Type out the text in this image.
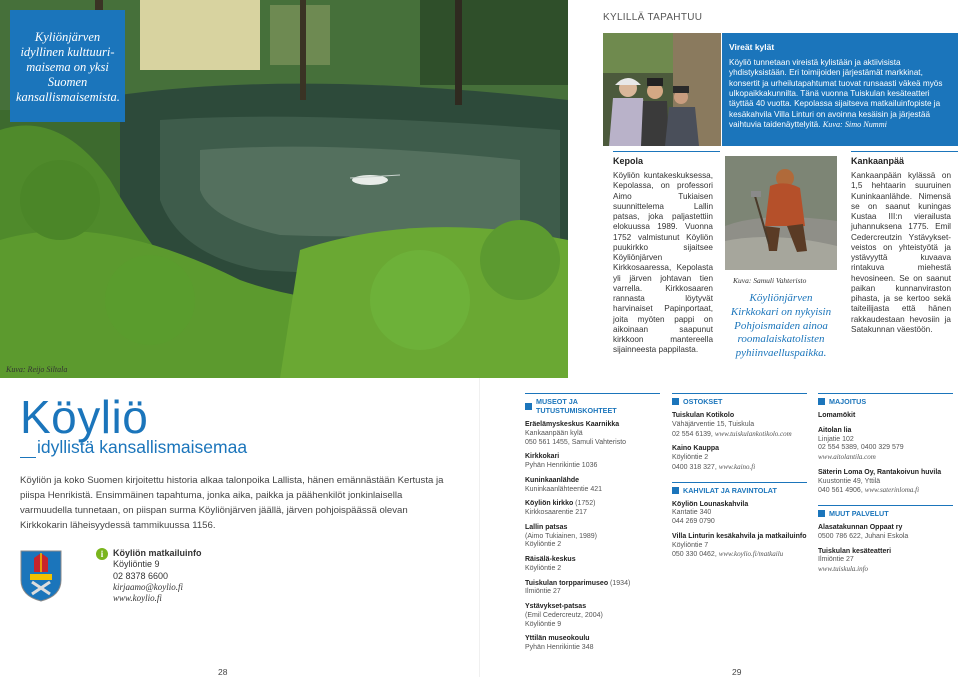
Kyliönjärven idyllinen kulttuuri-maisema on yksi Suomen kansallismaisemista.
Kuva: Reijo Siltala
Köyliö
idyllistä kansallismaisemaa
Köyliön ja koko Suomen kirjoitettu historia alkaa talonpoika Lallista, hänen emännästään Kertusta ja piispa Henrikistä. Ensimmäinen tapahtuma, jonka aika, paikka ja päähenkilöt jonkinlaisella varmuudella tunnetaan, on piispan surma Köyliönjärven jäällä, järven pohjoispäässä olevan Kirkkokarin läheisyydessä tammikuussa 1156.
i	Köyliön matkailuinfo
Köyliöntie 9
02 8378 6600
kirjaamo@koylio.fi
www.koylio.fi
28
KYLILLÄ TAPAHTUU
Vireät kylät
Köyliö tunnetaan vireistä kylistään ja aktiivisista yhdistyksistään. Eri toimijoiden järjestämät markkinat, konsertit ja urheilutapahtumat tuovat runsaasti väkeä myös ulkopaikkakunnilta. Tänä vuonna Tuiskulan kesäteatteri täyttää 40 vuotta. Kepolassa sijaitseva matkailuinfopiste ja kesäkahvila Villa Linturi on avoinna kesäisin ja järjestää vaihtuvia taidenäyttelyitä. Kuva: Simo Nummi
Kepola
Köyliön kuntakeskuksessa, Kepolassa, on professori Aimo Tukiaisen suunnittelema Lallin patsas, joka paljastettiin elokuussa 1989. Vuonna 1752 valmistunut Köyliön puukirkko sijaitsee Köyliönjärven Kirkkosaaressa, Kepolasta yli järven johtavan tien varrella. Kirkkosaaren rannasta löytyvät harvinaiset Papinportaat, joita myöten pappi on aikoinaan saapunut kirkkoon mantereella sijainneesta pappilasta.
Kuva: Samuli Vahteristo
Köyliönjärven Kirkkokari on nykyisin Pohjoismaiden ainoa roomalaiskatolisten pyhiinvaelluspaikka.
Kankaanpää
Kankaanpään kylässä on 1,5 hehtaarin suuruinen Kuninkaanlähde. Nimensä se on saanut kuningas Kustaa III:n vierailusta juhannuksena 1775. Emil Cedercreutzin Ystävykset-veistos on yhteistyötä ja ystävyyttä kuvaava rintakuva miehestä hevosineen. Se on saanut paikan kunnanviraston pihasta, ja se kertoo sekä taiteilijasta että hänen rakkaudestaan hevosiin ja Satakunnan väestöön.
MUSEOT JA TUTUSTUMISKOHTEET
Eräelämyskeskus Kaarnikka
Kankaanpään kylä
050 561 1455, Samuli Vahteristo
Kirkkokari
Pyhän Henrikintie 1036
Kuninkaanlähde
Kuninkaanlähteentie 421
Köyliön kirkko (1752)
Kirkkosaarentie 217
Lallin patsas
(Aimo Tukiainen, 1989)
Köyliöntie 2
Räisälä-keskus
Köyliöntie 2
Tuiskulan torpparimuseo (1934)
Ilmiöntie 27
Ystävykset-patsas
(Emil Cedercreutz, 2004)
Köyliöntie 9
Yttilän museokoulu
Pyhän Henrikintie 348
OSTOKSET
Tuiskulan Kotikolo
Vähäjärventie 15, Tuiskula
02 554 6139, www.tuiskulankotikolo.com
Kaino Kauppa
Köyliöntie 2
0400 318 327, www.kaino.fi
KAHVILAT JA RAVINTOLAT
Köyliön Lounaskahvila
Kantatie 340
044 269 0790
Villa Linturin kesäkahvila ja matkailuinfo
Köyliöntie 7
050 330 0462, www.koylio.fi/matkailu
MAJOITUS
Lomamökit
Aitolan lia
Linjatie 102
02 554 5389, 0400 329 579
www.aitolantila.com
Säterin Loma Oy, Rantakoivun huvila
Kuustontie 49, Yttilä
040 561 4906, www.saterinloma.fi
MUUT PALVELUT
Alasatakunnan Oppaat ry
0500 786 622, Juhani Eskola
Tuiskulan kesäteatteri
Ilmiöntie 27
www.tuiskula.info
29
